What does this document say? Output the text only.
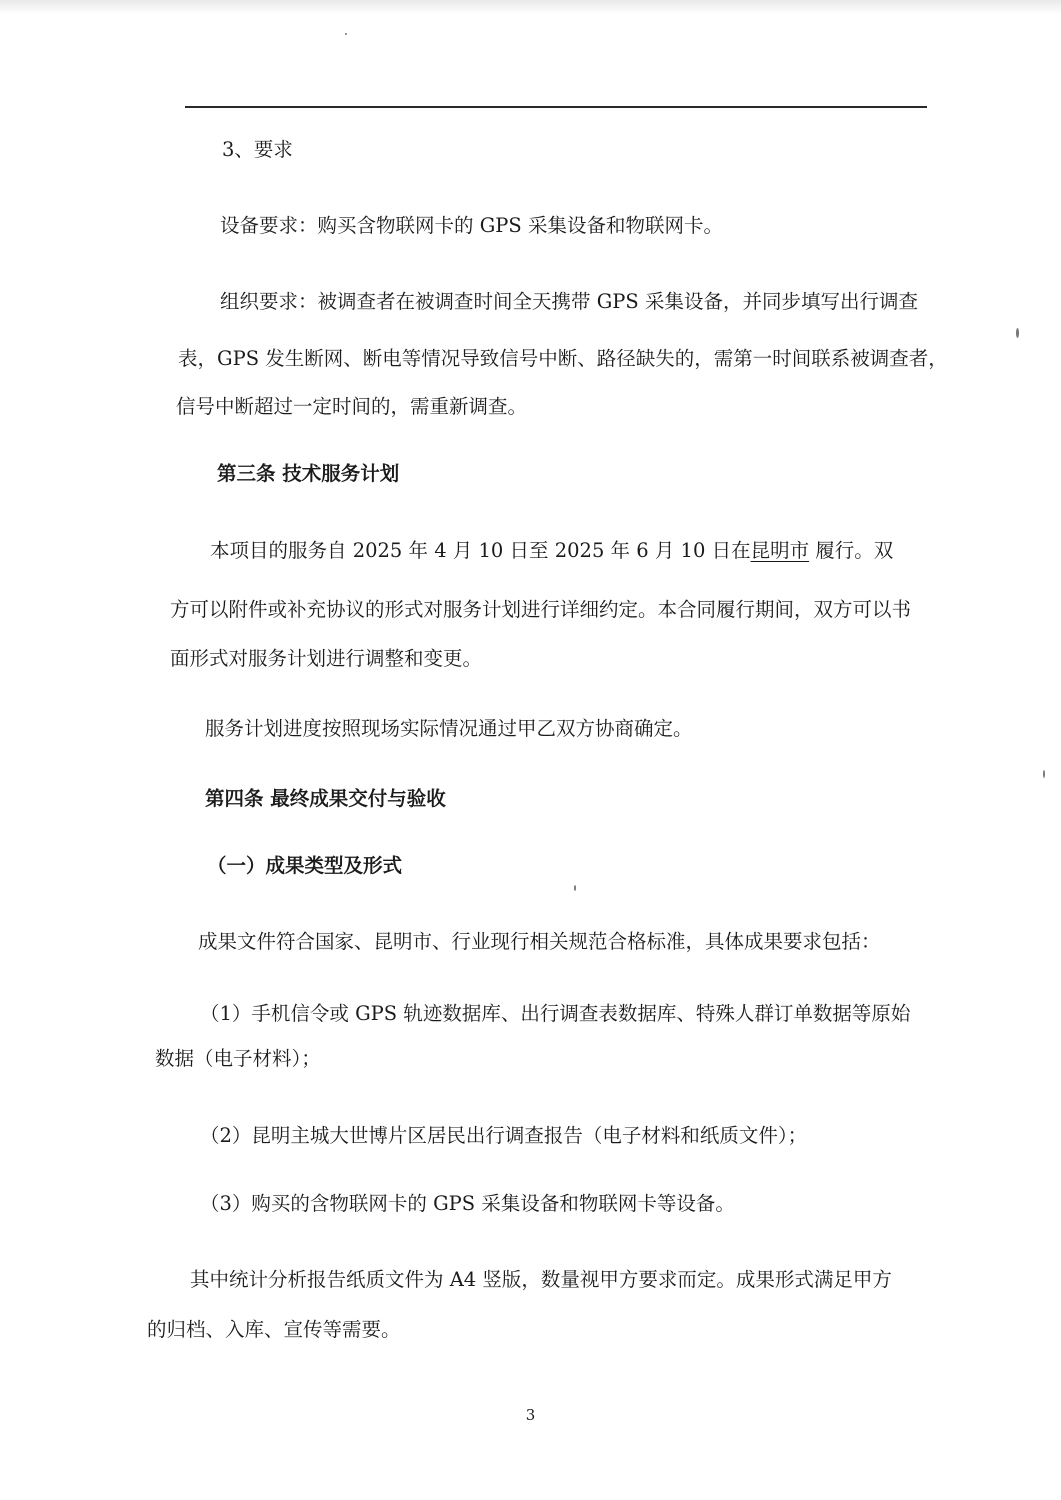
3、要求
设备要求：购买含物联网卡的 GPS 采集设备和物联网卡。
组织要求：被调查者在被调查时间全天携带 GPS 采集设备，并同步填写出行调查
表，GPS 发生断网、断电等情况导致信号中断、路径缺失的，需第一时间联系被调查者，
信号中断超过一定时间的，需重新调查。
第三条 技术服务计划
本项目的服务自 2025 年 4 月 10 日至 2025 年 6 月 10 日在昆明市 履行。双
方可以附件或补充协议的形式对服务计划进行详细约定。本合同履行期间，双方可以书
面形式对服务计划进行调整和变更。
服务计划进度按照现场实际情况通过甲乙双方协商确定。
第四条 最终成果交付与验收
（一）成果类型及形式
成果文件符合国家、昆明市、行业现行相关规范合格标准，具体成果要求包括：
（1）手机信令或 GPS 轨迹数据库、出行调查表数据库、特殊人群订单数据等原始
数据（电子材料）；
（2）昆明主城大世博片区居民出行调查报告（电子材料和纸质文件）；
（3）购买的含物联网卡的 GPS 采集设备和物联网卡等设备。
其中统计分析报告纸质文件为 A4 竖版，数量视甲方要求而定。成果形式满足甲方
的归档、入库、宣传等需要。
3
